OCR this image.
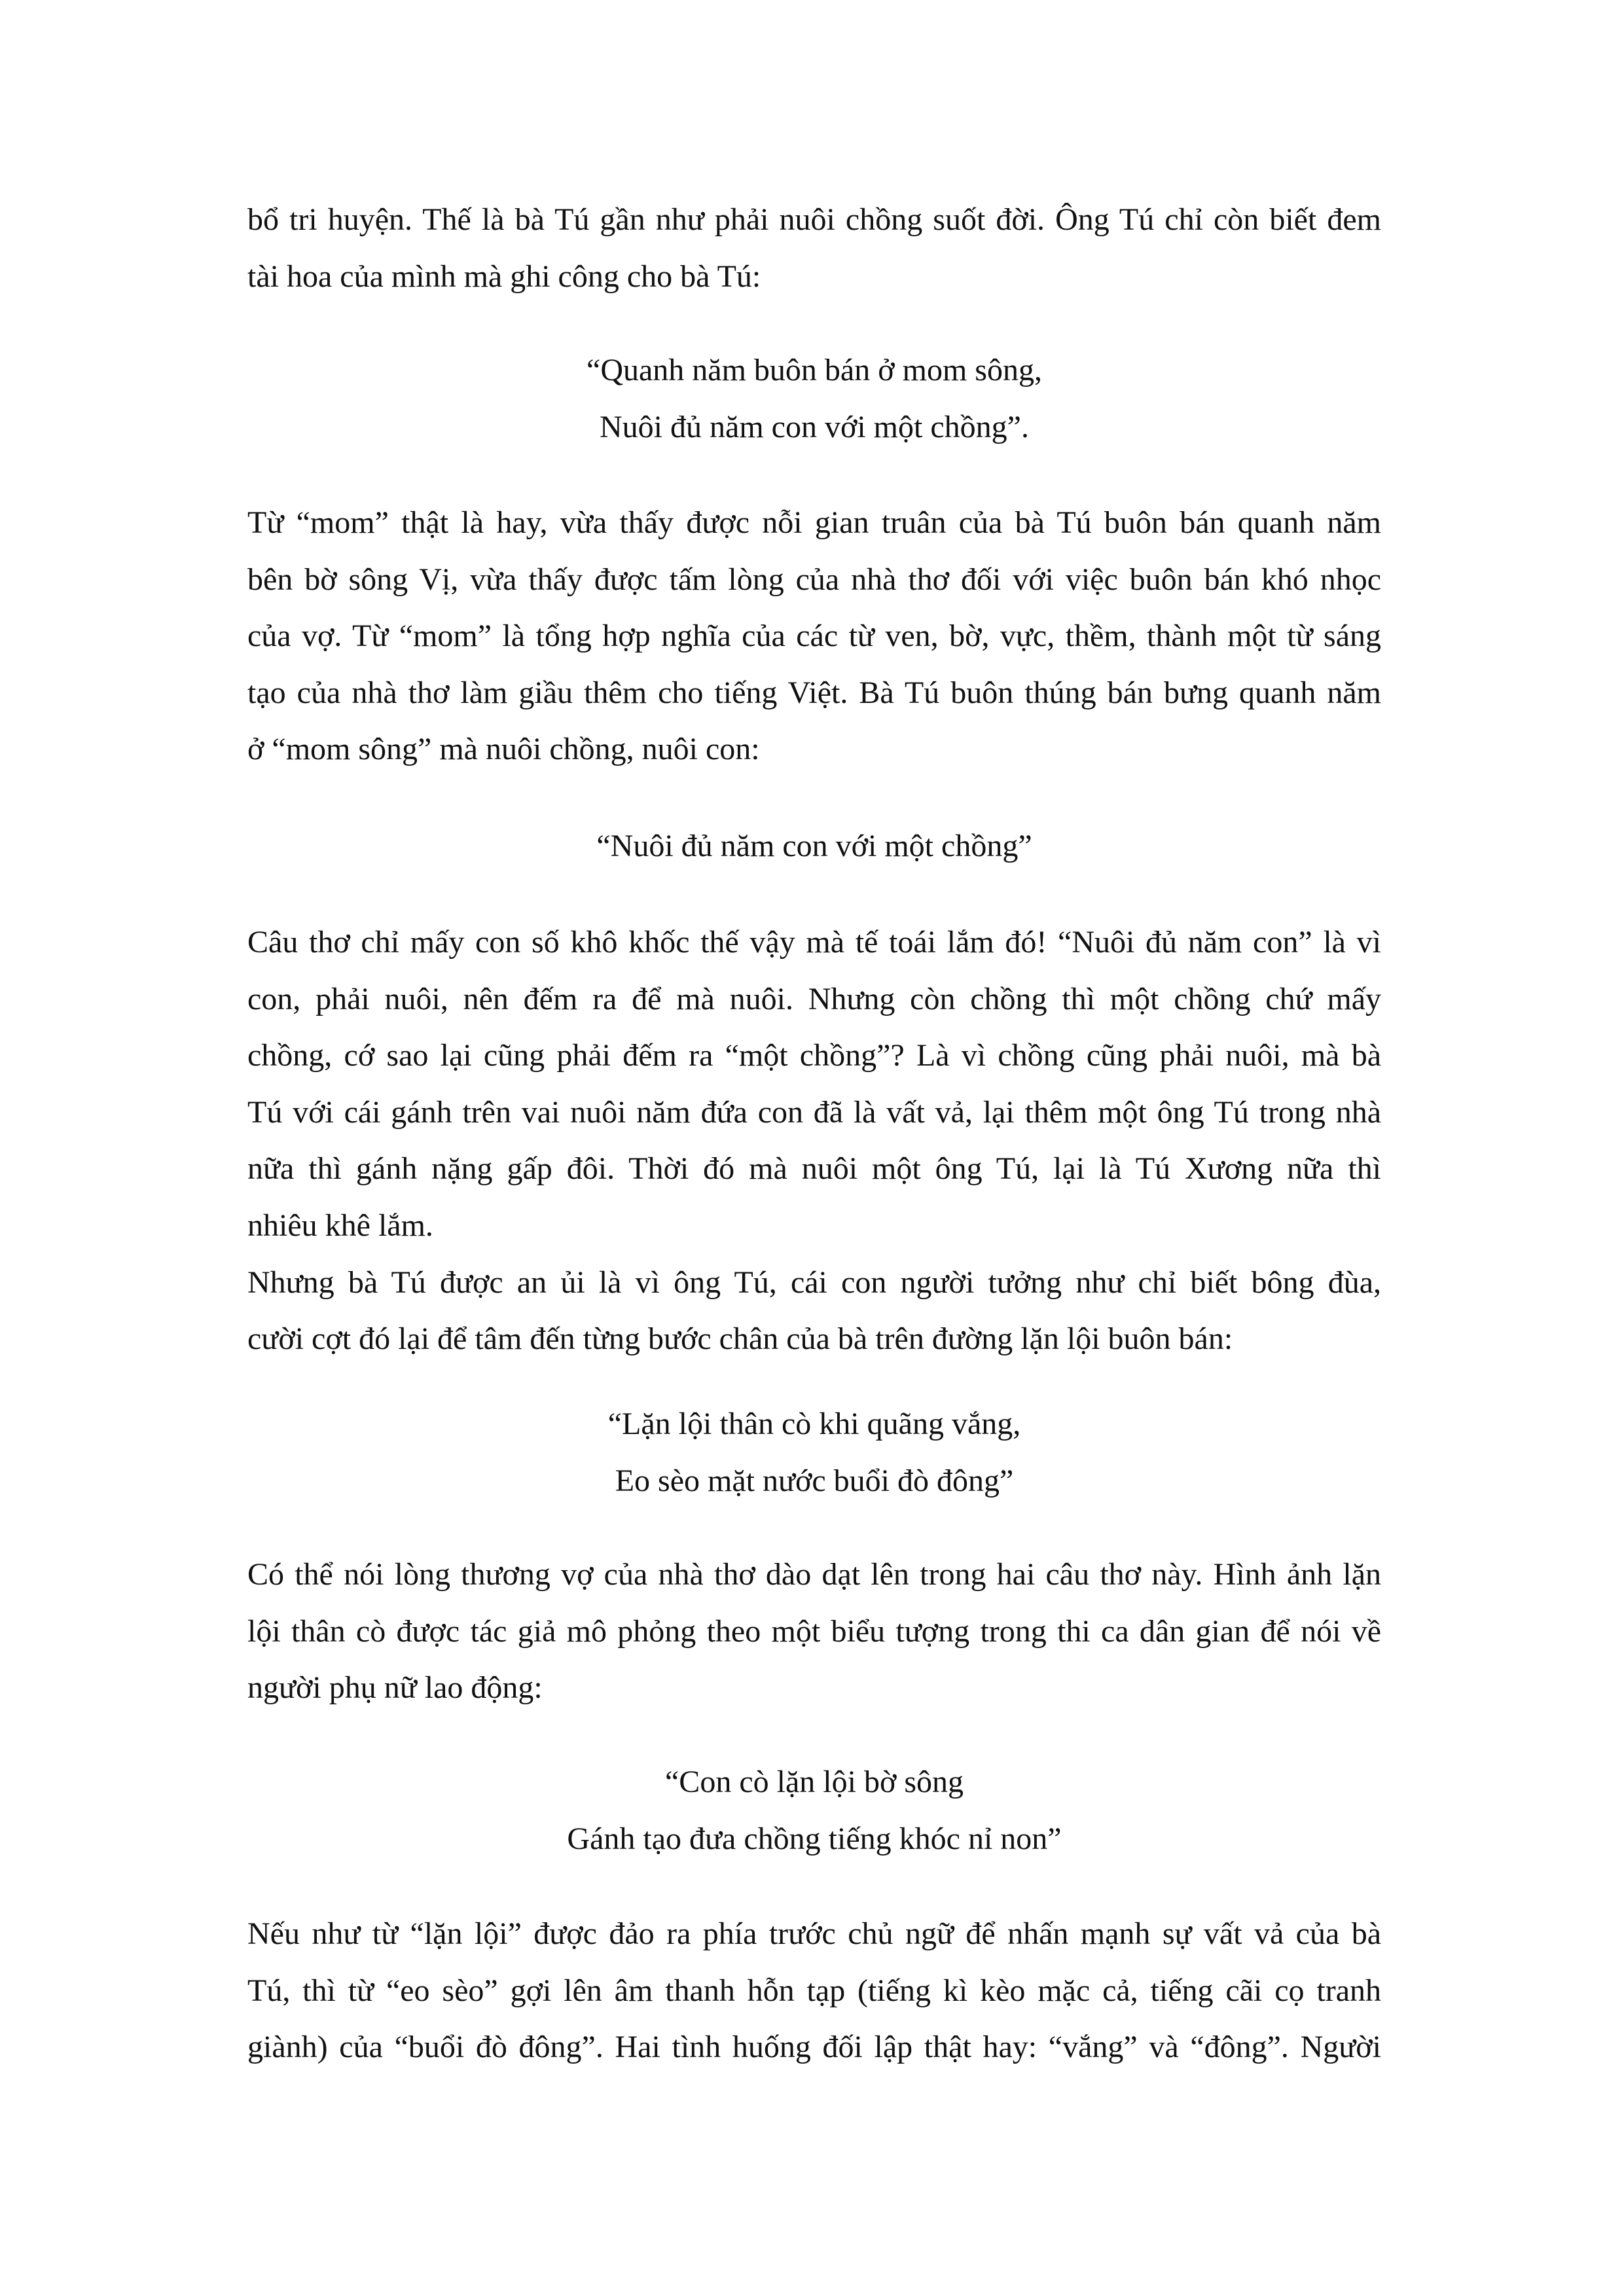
bổ tri huyện. Thế là bà Tú gần như phải nuôi chồng suốt đời. Ông Tú chỉ còn biết đem
tài hoa của mình mà ghi công cho bà Tú:

“Quanh năm buôn bán ở mom sông,
Nuôi đủ năm con với một chồng”.

Từ “mom” thật là hay, vừa thấy được nỗi gian truân của bà Tú buôn bán quanh năm
bên bờ sông Vị, vừa thấy được tấm lòng của nhà thơ đối với việc buôn bán khó nhọc
của vợ. Từ “mom” là tổng hợp nghĩa của các từ ven, bờ, vực, thềm, thành một từ sáng
tạo của nhà thơ làm giầu thêm cho tiếng Việt. Bà Tú buôn thúng bán bưng quanh năm
ở “mom sông” mà nuôi chồng, nuôi con:

“Nuôi đủ năm con với một chồng”

Câu thơ chỉ mấy con số khô khốc thế vậy mà tế toái lắm đó! “Nuôi đủ năm con” là vì
con, phải nuôi, nên đếm ra để mà nuôi. Nhưng còn chồng thì một chồng chứ mấy
chồng, cớ sao lại cũng phải đếm ra “một chồng”? Là vì chồng cũng phải nuôi, mà bà
Tú với cái gánh trên vai nuôi năm đứa con đã là vất vả, lại thêm một ông Tú trong nhà
nữa thì gánh nặng gấp đôi. Thời đó mà nuôi một ông Tú, lại là Tú Xương nữa thì
nhiêu khê lắm.
Nhưng bà Tú được an ủi là vì ông Tú, cái con người tưởng như chỉ biết bông đùa,
cười cợt đó lại để tâm đến từng bước chân của bà trên đường lặn lội buôn bán:

“Lặn lội thân cò khi quãng vắng,
Eo sèo mặt nước buổi đò đông”

Có thể nói lòng thương vợ của nhà thơ dào dạt lên trong hai câu thơ này. Hình ảnh lặn
lội thân cò được tác giả mô phỏng theo một biểu tượng trong thi ca dân gian để nói về
người phụ nữ lao động:

“Con cò lặn lội bờ sông
Gánh tạo đưa chồng tiếng khóc nỉ non”

Nếu như từ “lặn lội” được đảo ra phía trước chủ ngữ để nhấn mạnh sự vất vả của bà
Tú, thì từ “eo sèo” gợi lên âm thanh hỗn tạp (tiếng kì kèo mặc cả, tiếng cãi cọ tranh
giành) của “buổi đò đông”. Hai tình huống đối lập thật hay: “vắng” và “đông”. Người
